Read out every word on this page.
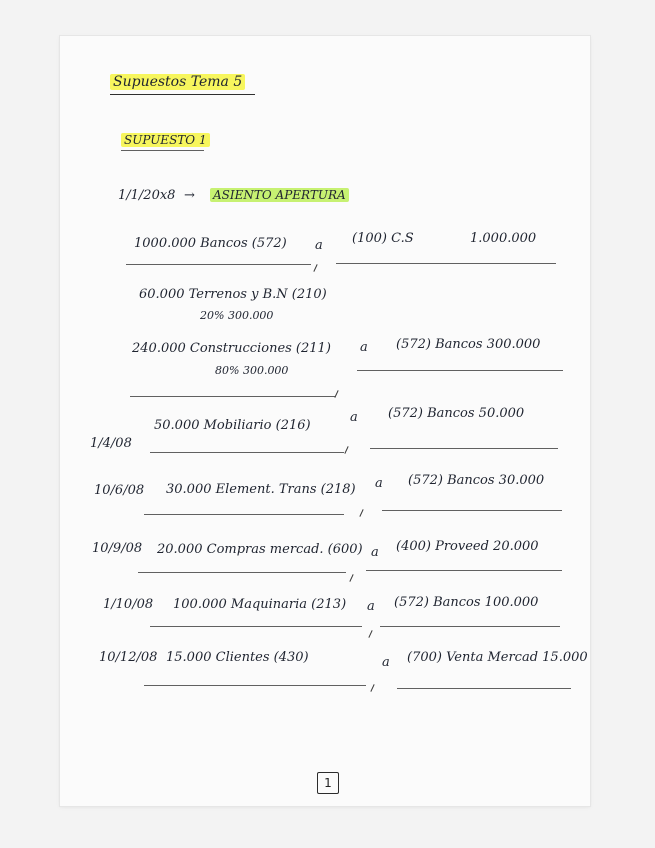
Supuestos Tema 5
SUPUESTO 1
1/1/20x8 → ASIENTO APERTURA
1000.000 Bancos (572) a (100) C.S	1.000.000
60.000 Terrenos y B.N (210)
20% 300.000
240.000 Construcciones (211) a (572) Bancos 300.000
80% 300.000
50.000 Mobiliario (216)
a (572) Bancos 50.000
1/4/08
10/6/08 30.000 Element. Trans (218) a (572) Bancos 30.000
10/9/08 20.000 Compras mercad. (600) a (400) Proveed 20.000
1/10/08 100.000 Maquinaria (213) a (572) Bancos 100.000
10/12/08 15.000 Clientes (430)	a (700) Venta Mercad 15.000
1
